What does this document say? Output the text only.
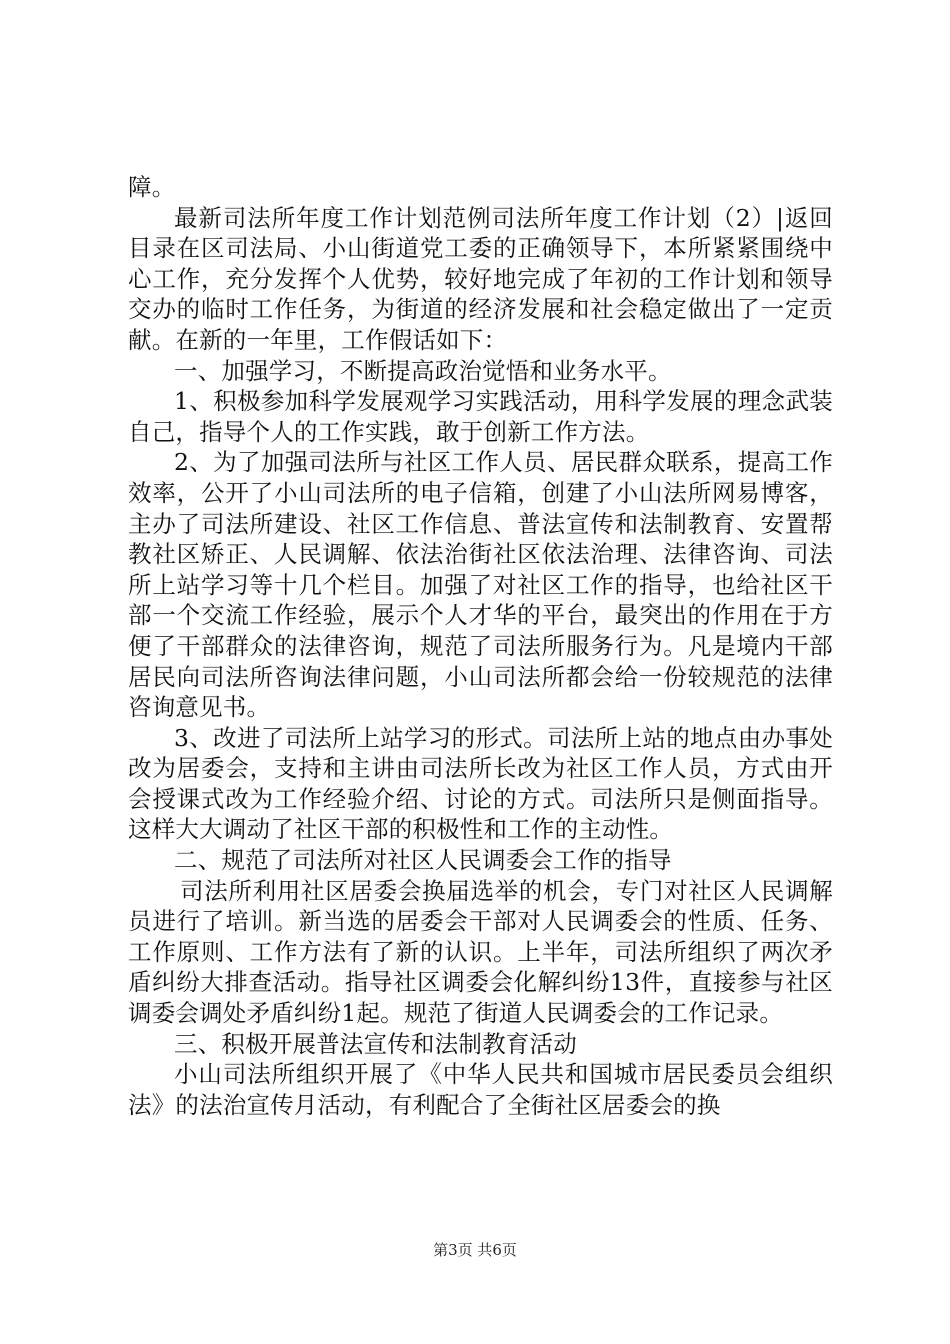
障。

最新司法所年度工作计划范例司法所年度工作计划（2）|返回目录在区司法局、小山街道党工委的正确领导下，本所紧紧围绕中心工作，充分发挥个人优势，较好地完成了年初的工作计划和领导交办的临时工作任务，为街道的经济发展和社会稳定做出了一定贡献。在新的一年里，工作假话如下：

一、加强学习，不断提高政治觉悟和业务水平。

1、积极参加科学发展观学习实践活动，用科学发展的理念武装自己，指导个人的工作实践，敢于创新工作方法。

2、为了加强司法所与社区工作人员、居民群众联系，提高工作效率，公开了小山司法所的电子信箱，创建了小山法所网易博客，主办了司法所建设、社区工作信息、普法宣传和法制教育、安置帮教社区矫正、人民调解、依法治街社区依法治理、法律咨询、司法所上站学习等十几个栏目。加强了对社区工作的指导，也给社区干部一个交流工作经验，展示个人才华的平台，最突出的作用在于方便了干部群众的法律咨询，规范了司法所服务行为。凡是境内干部居民向司法所咨询法律问题，小山司法所都会给一份较规范的法律咨询意见书。

3、改进了司法所上站学习的形式。司法所上站的地点由办事处改为居委会，支持和主讲由司法所长改为社区工作人员，方式由开会授课式改为工作经验介绍、讨论的方式。司法所只是侧面指导。这样大大调动了社区干部的积极性和工作的主动性。

二、规范了司法所对社区人民调委会工作的指导

司法所利用社区居委会换届选举的机会，专门对社区人民调解员进行了培训。新当选的居委会干部对人民调委会的性质、任务、工作原则、工作方法有了新的认识。上半年，司法所组织了两次矛盾纠纷大排查活动。指导社区调委会化解纠纷13件，直接参与社区调委会调处矛盾纠纷1起。规范了街道人民调委会的工作记录。

三、积极开展普法宣传和法制教育活动

小山司法所组织开展了《中华人民共和国城市居民委员会组织法》的法治宣传月活动，有利配合了全街社区居委会的换

第3页 共6页
